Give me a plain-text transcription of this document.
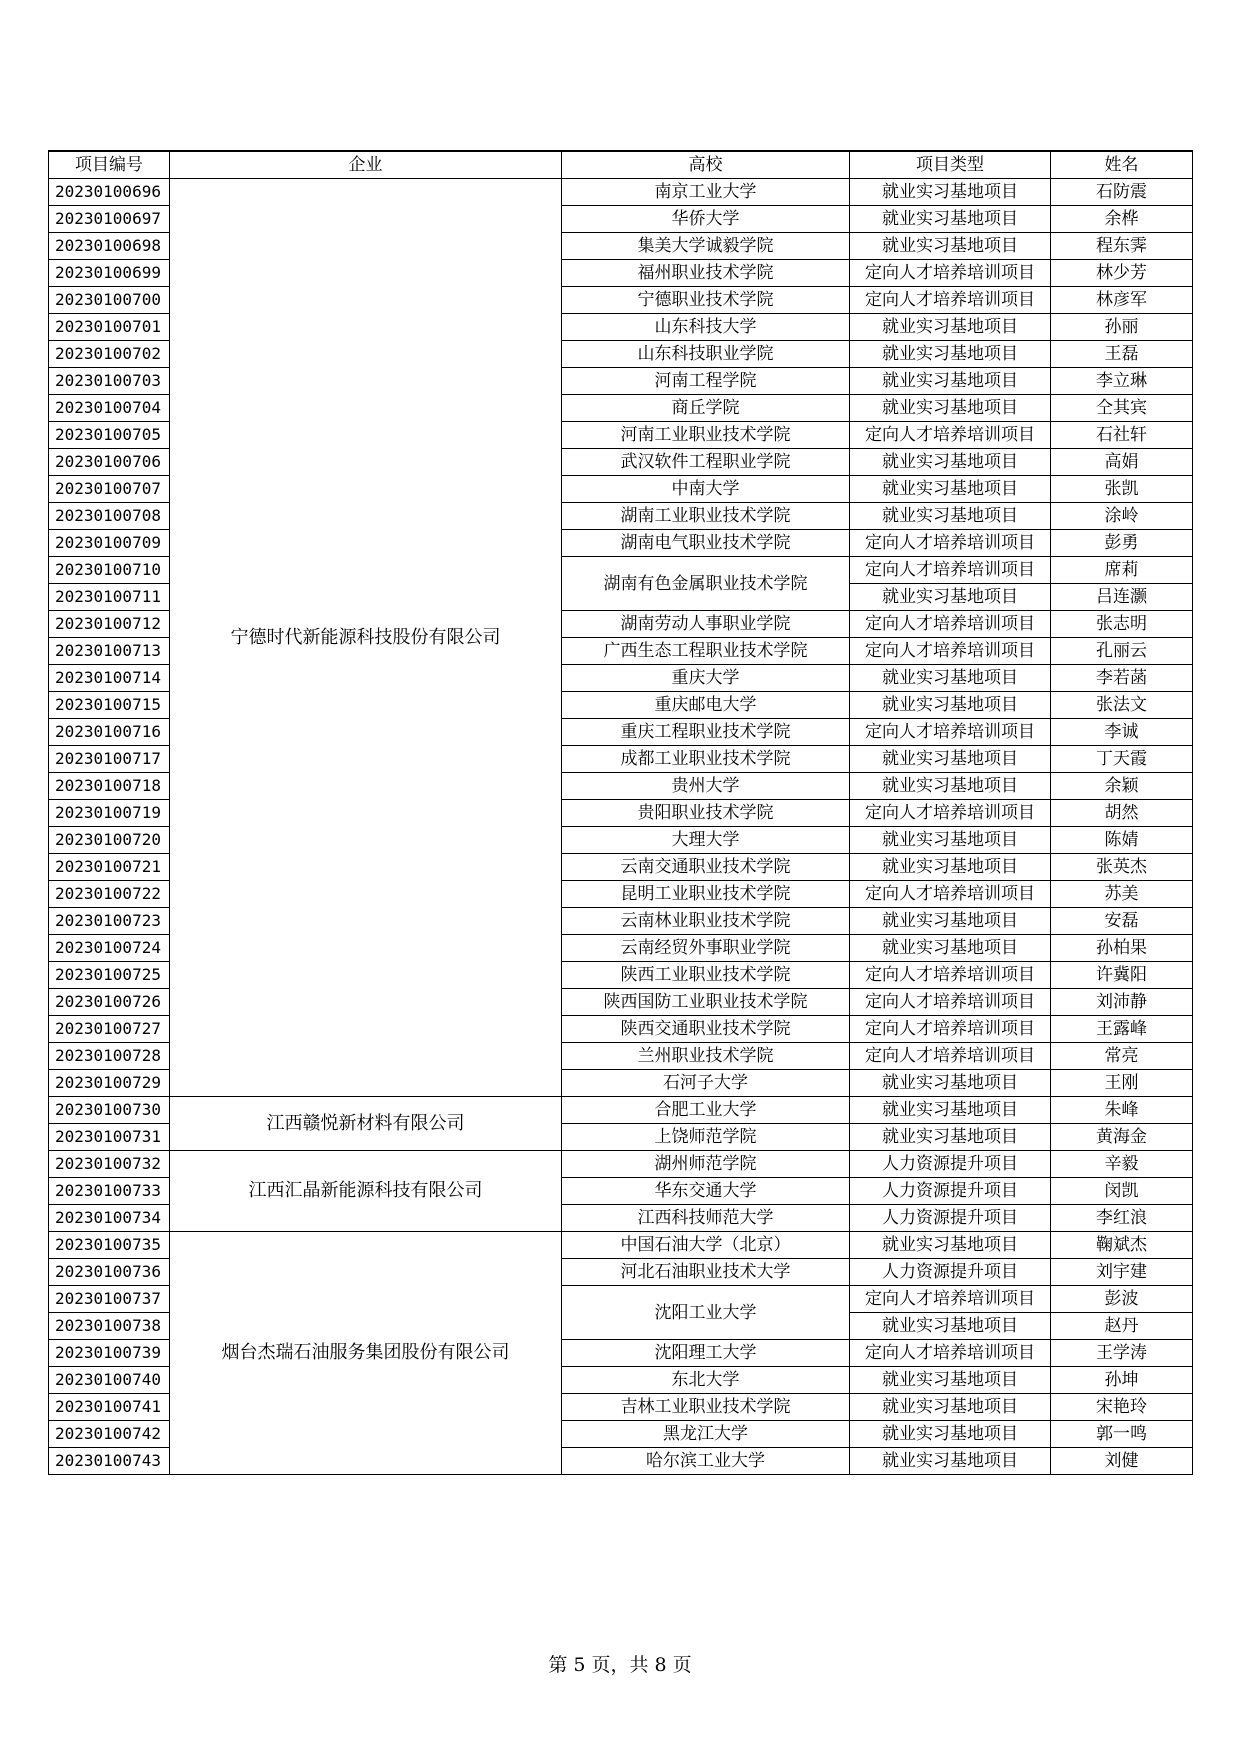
项目编号	企业	高校	项目类型	姓名
20230100696	宁德时代新能源科技股份有限公司	南京工业大学	就业实习基地项目	石防震
20230100697		华侨大学	就业实习基地项目	余桦
20230100698		集美大学诚毅学院	就业实习基地项目	程东霁
20230100699		福州职业技术学院	定向人才培养培训项目	林少芳
20230100700		宁德职业技术学院	定向人才培养培训项目	林彦军
20230100701		山东科技大学	就业实习基地项目	孙丽
20230100702		山东科技职业学院	就业实习基地项目	王磊
20230100703		河南工程学院	就业实习基地项目	李立琳
20230100704		商丘学院	就业实习基地项目	仝其宾
20230100705		河南工业职业技术学院	定向人才培养培训项目	石社轩
20230100706		武汉软件工程职业学院	就业实习基地项目	高娟
20230100707		中南大学	就业实习基地项目	张凯
20230100708		湖南工业职业技术学院	就业实习基地项目	涂岭
20230100709		湖南电气职业技术学院	定向人才培养培训项目	彭勇
20230100710		湖南有色金属职业技术学院	定向人才培养培训项目	席莉
20230100711			就业实习基地项目	吕连灏
20230100712		湖南劳动人事职业学院	定向人才培养培训项目	张志明
20230100713		广西生态工程职业技术学院	定向人才培养培训项目	孔丽云
20230100714		重庆大学	就业实习基地项目	李若菡
20230100715		重庆邮电大学	就业实习基地项目	张法文
20230100716		重庆工程职业技术学院	定向人才培养培训项目	李诚
20230100717		成都工业职业技术学院	就业实习基地项目	丁天霞
20230100718		贵州大学	就业实习基地项目	余颖
20230100719		贵阳职业技术学院	定向人才培养培训项目	胡然
20230100720		大理大学	就业实习基地项目	陈婧
20230100721		云南交通职业技术学院	就业实习基地项目	张英杰
20230100722		昆明工业职业技术学院	定向人才培养培训项目	苏美
20230100723		云南林业职业技术学院	就业实习基地项目	安磊
20230100724		云南经贸外事职业学院	就业实习基地项目	孙柏果
20230100725		陕西工业职业技术学院	定向人才培养培训项目	许冀阳
20230100726		陕西国防工业职业技术学院	定向人才培养培训项目	刘沛静
20230100727		陕西交通职业技术学院	定向人才培养培训项目	王露峰
20230100728		兰州职业技术学院	定向人才培养培训项目	常亮
20230100729		石河子大学	就业实习基地项目	王刚
20230100730	江西赣悦新材料有限公司	合肥工业大学	就业实习基地项目	朱峰
20230100731		上饶师范学院	就业实习基地项目	黄海金
20230100732	江西汇晶新能源科技有限公司	湖州师范学院	人力资源提升项目	辛毅
20230100733		华东交通大学	人力资源提升项目	闵凯
20230100734		江西科技师范大学	人力资源提升项目	李红浪
20230100735	烟台杰瑞石油服务集团股份有限公司	中国石油大学（北京）	就业实习基地项目	鞠斌杰
20230100736		河北石油职业技术大学	人力资源提升项目	刘宇建
20230100737		沈阳工业大学	定向人才培养培训项目	彭波
20230100738			就业实习基地项目	赵丹
20230100739		沈阳理工大学	定向人才培养培训项目	王学涛
20230100740		东北大学	就业实习基地项目	孙坤
20230100741		吉林工业职业技术学院	就业实习基地项目	宋艳玲
20230100742		黑龙江大学	就业实习基地项目	郭一鸣
20230100743		哈尔滨工业大学	就业实习基地项目	刘健
第 5 页，共 8 页
